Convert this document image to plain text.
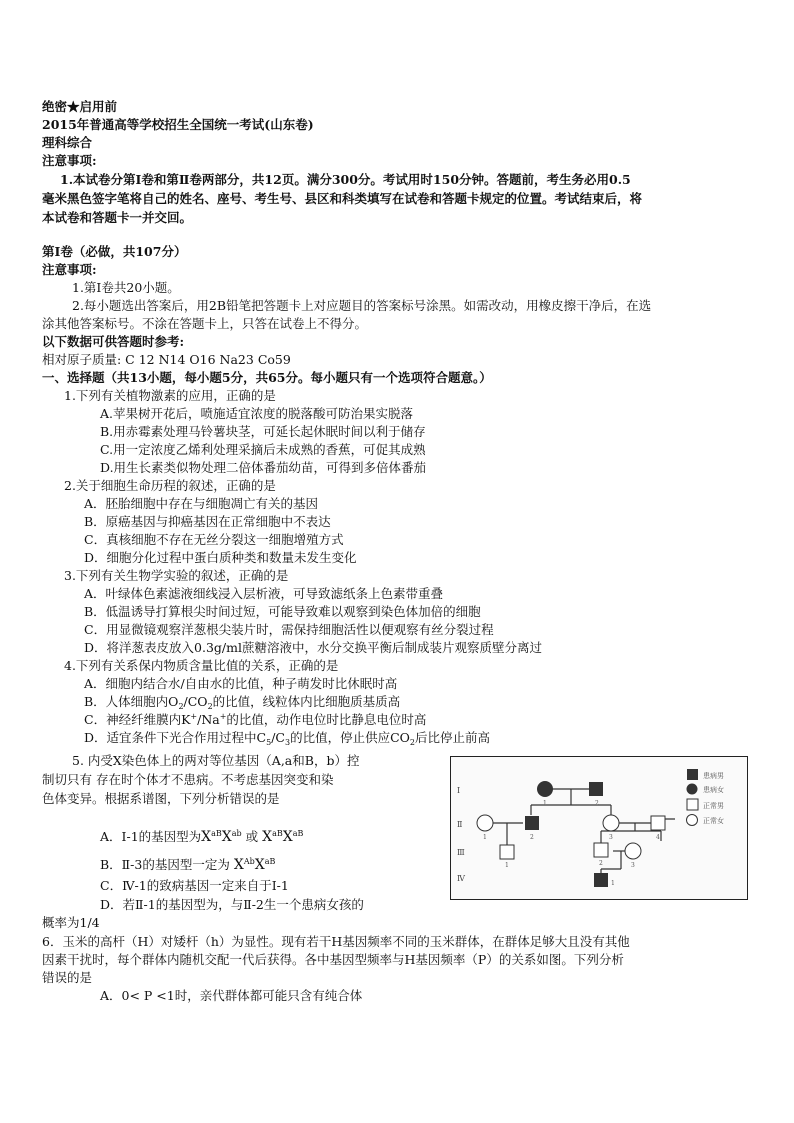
绝密★启用前
2015年普通高等学校招生全国统一考试(山东卷)
理科综合
注意事项:
1.本试卷分第Ⅰ卷和第Ⅱ卷两部分，共12页。满分300分。考试用时150分钟。答题前，考生务必用0.5
毫米黑色签字笔将自己的姓名、座号、考生号、县区和科类填写在试卷和答题卡规定的位置。考试结束后，将
本试卷和答题卡一并交回。
第Ⅰ卷（必做，共107分）
注意事项:
1.第Ⅰ卷共20小题。
2.每小题选出答案后，用2B铅笔把答题卡上对应题目的答案标号涂黑。如需改动，用橡皮擦干净后，在选
涂其他答案标号。不涂在答题卡上，只答在试卷上不得分。
以下数据可供答题时参考:
相对原子质量: C 12 N14 O16 Na23 Co59
一、选择题（共13小题，每小题5分，共65分。每小题只有一个选项符合题意。）
1.下列有关植物激素的应用，正确的是
A.苹果树开花后，喷施适宜浓度的脱落酸可防治果实脱落
B.用赤霉素处理马铃薯块茎，可延长起休眠时间以利于储存
C.用一定浓度乙烯利处理采摘后未成熟的香蕉，可促其成熟
D.用生长素类似物处理二倍体番茄幼苗，可得到多倍体番茄
2.关于细胞生命历程的叙述，正确的是
A．胚胎细胞中存在与细胞凋亡有关的基因
B．原癌基因与抑癌基因在正常细胞中不表达
C．真核细胞不存在无丝分裂这一细胞增殖方式
D．细胞分化过程中蛋白质种类和数量未发生变化
3.下列有关生物学实验的叙述，正确的是
A．叶绿体色素滤液细线浸入层析液，可导致滤纸条上色素带重叠
B．低温诱导打算根尖时间过短，可能导致难以观察到染色体加倍的细胞
C．用显微镜观察洋葱根尖装片时，需保持细胞活性以便观察有丝分裂过程
D．将洋葱表皮放入0.3g/ml蔗糖溶液中，水分交换平衡后制成装片观察质壁分离过
4.下列有关系保内物质含量比值的关系，正确的是
A．细胞内结合水/自由水的比值，种子萌发时比休眠时高
B．人体细胞内$O_2/CO_2$的比值，线粒体内比细胞质基质高
C．神经纤维膜内K+/Na+的比值，动作电位时比静息电位时高
D．适宜条件下光合作用过程中$C_5/C_3$的比值，停止供应$CO_2$后比停止前高
5. 内受X染色体上的两对等位基因（A,a和B，b）控
制切只有 存在时个体才不患病。不考虑基因突变和染
色体变异。根据系谱图，下列分析错误的是
A．Ⅰ-1的基因型为$X^{aB}X^{ab}$ 或 $X^{aB}X^{aB}$
B．Ⅱ-3的基因型一定为 $X^{Ab}X^{aB}$
C．Ⅳ-1的致病基因一定来自于Ⅰ-1
D．若Ⅱ-1的基因型为，与Ⅱ-2生一个患病女孩的
概率为1/4
Ⅰ
Ⅱ
Ⅲ
Ⅳ
1	2
1	2	3	4
1	2	3
1
患病男
患病女
正常男
正常女
6．玉米的高杆（H）对矮杆（h）为显性。现有若干H基因频率不同的玉米群体，在群体足够大且没有其他
因素干扰时，每个群体内随机交配一代后获得。各中基因型频率与H基因频率（P）的关系如图。下列分析
错误的是
A．0< P <1时，亲代群体都可能只含有纯合体
